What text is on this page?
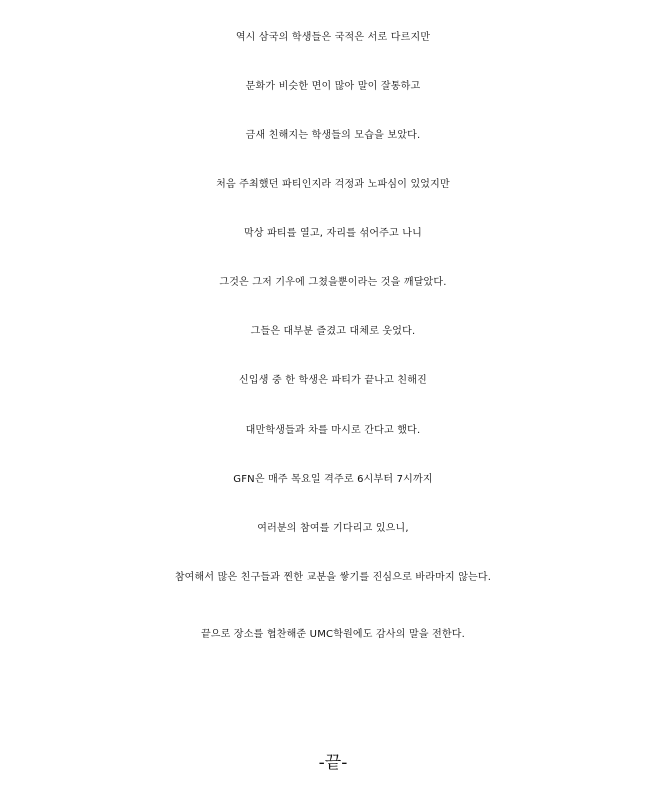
역시 삼국의 학생들은 국적은 서로 다르지만
문화가 비슷한 면이 많아 말이 잘통하고
금새 친해지는 학생들의 모습을 보았다.
처음 주최했던 파티인지라 걱정과 노파심이 있었지만
막상 파티를 열고, 자리를 섞어주고 나니
그것은 그저 기우에 그쳤을뿐이라는 것을 깨달았다.
그들은 대부분 즐겼고 대체로 웃었다.
신입생 중 한 학생은 파티가 끝나고 친해진
대만학생들과 차를 마시로 간다고 했다.
GFN은 매주 목요일 격주로 6시부터 7시까지
여러분의 참여를 기다리고 있으니,
참여해서 많은 친구들과 찐한 교분을 쌓기를 진심으로 바라마지 않는다.
끝으로 장소를 협찬해준 UMC학원에도 감사의 말을 전한다.
-끝-
